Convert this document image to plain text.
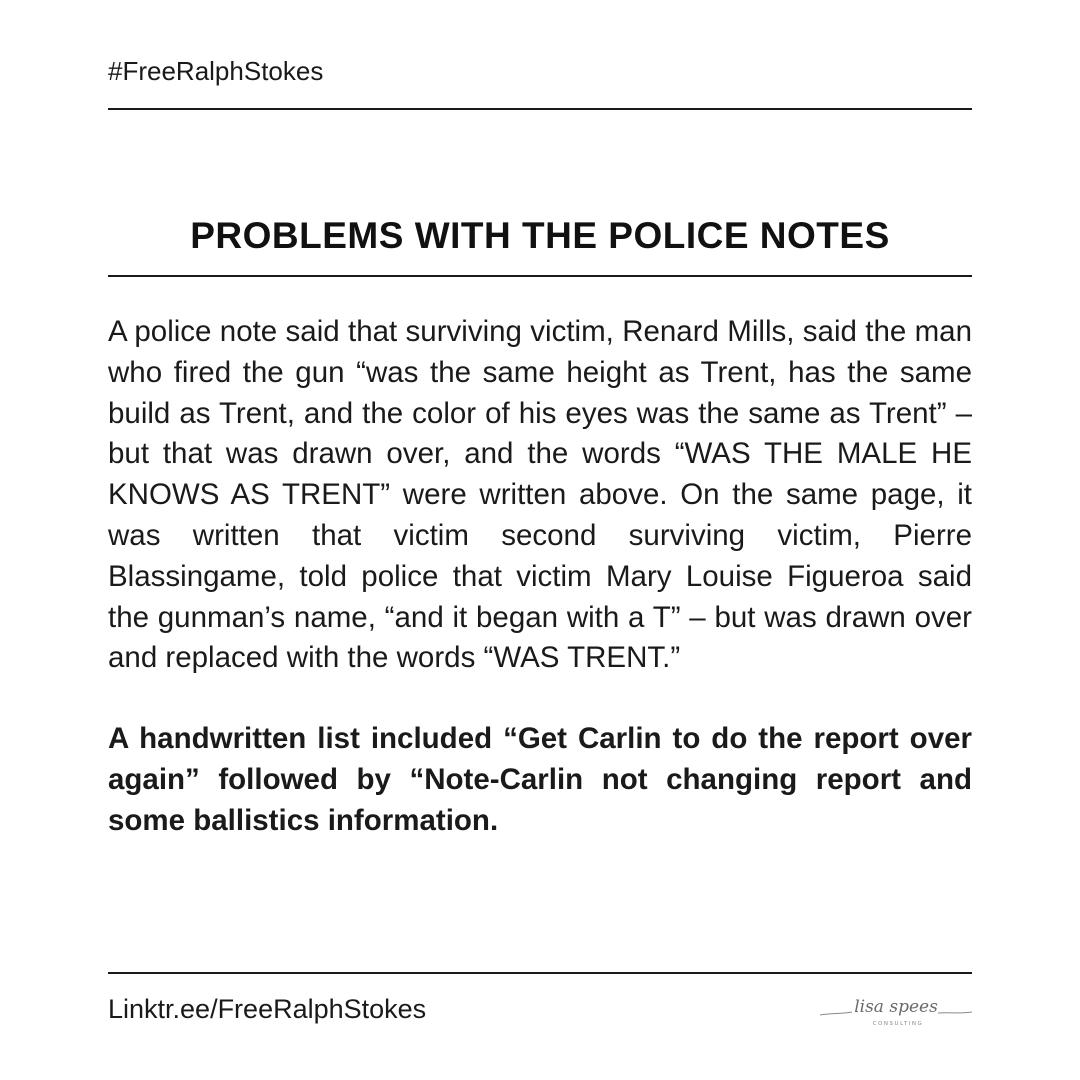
#FreeRalphStokes
PROBLEMS WITH THE POLICE NOTES

A police note said that surviving victim, Renard Mills, said the man who fired the gun “was the same height as Trent, has the same build as Trent, and the color of his eyes was the same as Trent” – but that was drawn over, and the words “WAS THE MALE HE KNOWS AS TRENT” were written above. On the same page, it was written that victim second surviving victim, Pierre Blassingame, told police that victim Mary Louise Figueroa said the gunman’s name, “and it began with a T” – but was drawn over and replaced with the words “WAS TRENT.”

A handwritten list included “Get Carlin to do the report over again” followed by “Note-Carlin not changing report and some ballistics information.

Linktr.ee/FreeRalphStokes	lisa spees
CONSULTING
